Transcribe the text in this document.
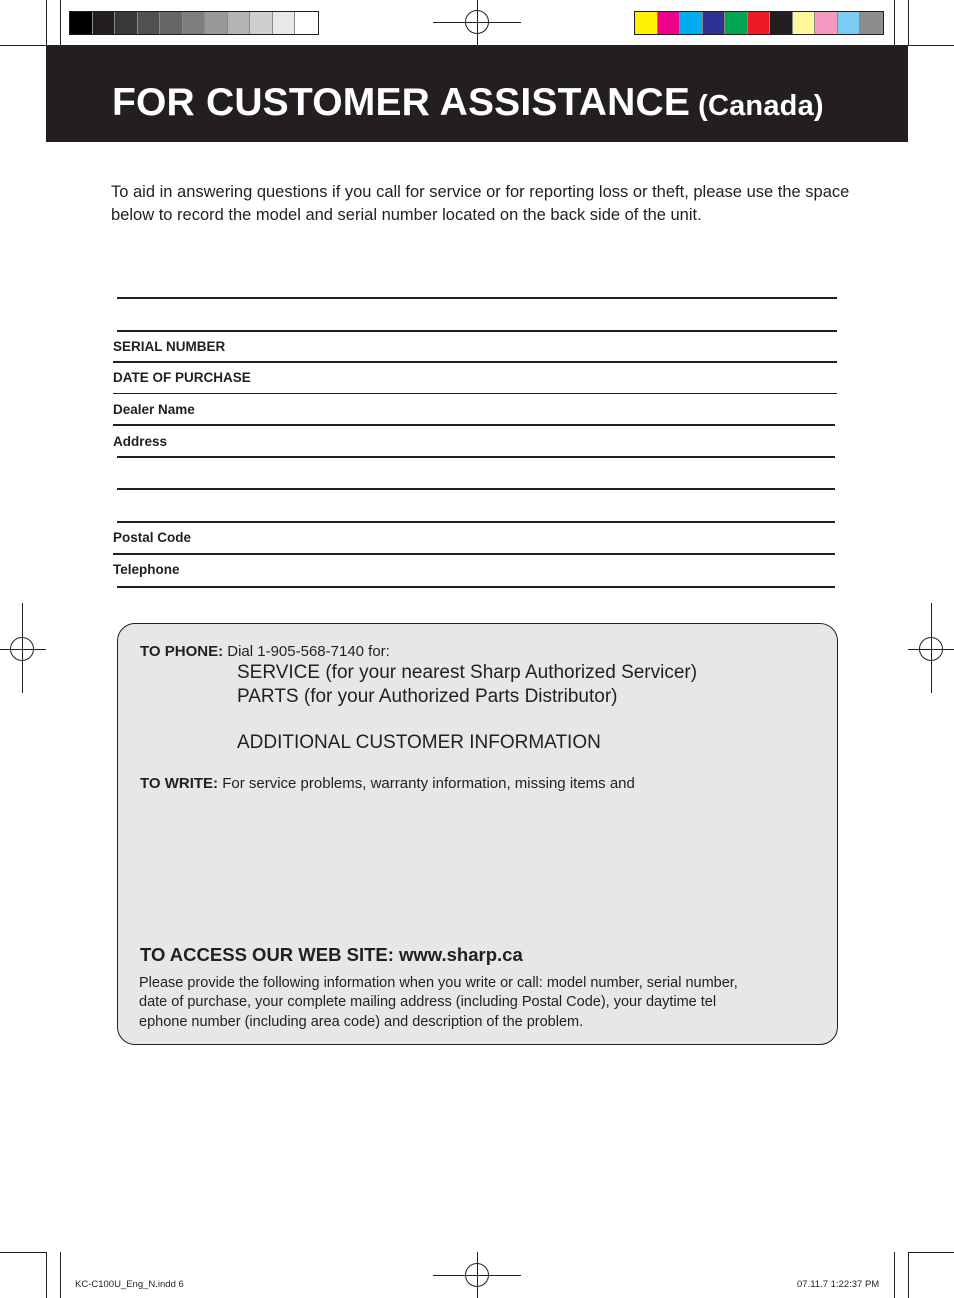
FOR CUSTOMER ASSISTANCE (Canada)
To aid in answering questions if you call for service or for reporting loss or theft, please use the space below to record the model and serial number located on the back side of the unit.
SERIAL NUMBER
DATE OF PURCHASE
Dealer Name
Address
Postal Code
Telephone
TO PHONE: Dial 1-905-568-7140 for:
SERVICE (for your nearest Sharp Authorized Servicer)
PARTS (for your Authorized Parts Distributor)
ADDITIONAL CUSTOMER INFORMATION
TO WRITE: For service problems, warranty information, missing items and
TO ACCESS OUR WEB SITE: www.sharp.ca
Please provide the following information when you write or call: model number, serial number,
date of purchase, your complete mailing address (including Postal Code), your daytime tel
ephone number (including area code) and description of the problem.
KC-C100U_Eng_N.indd 6	07.11.7 1:22:37 PM
